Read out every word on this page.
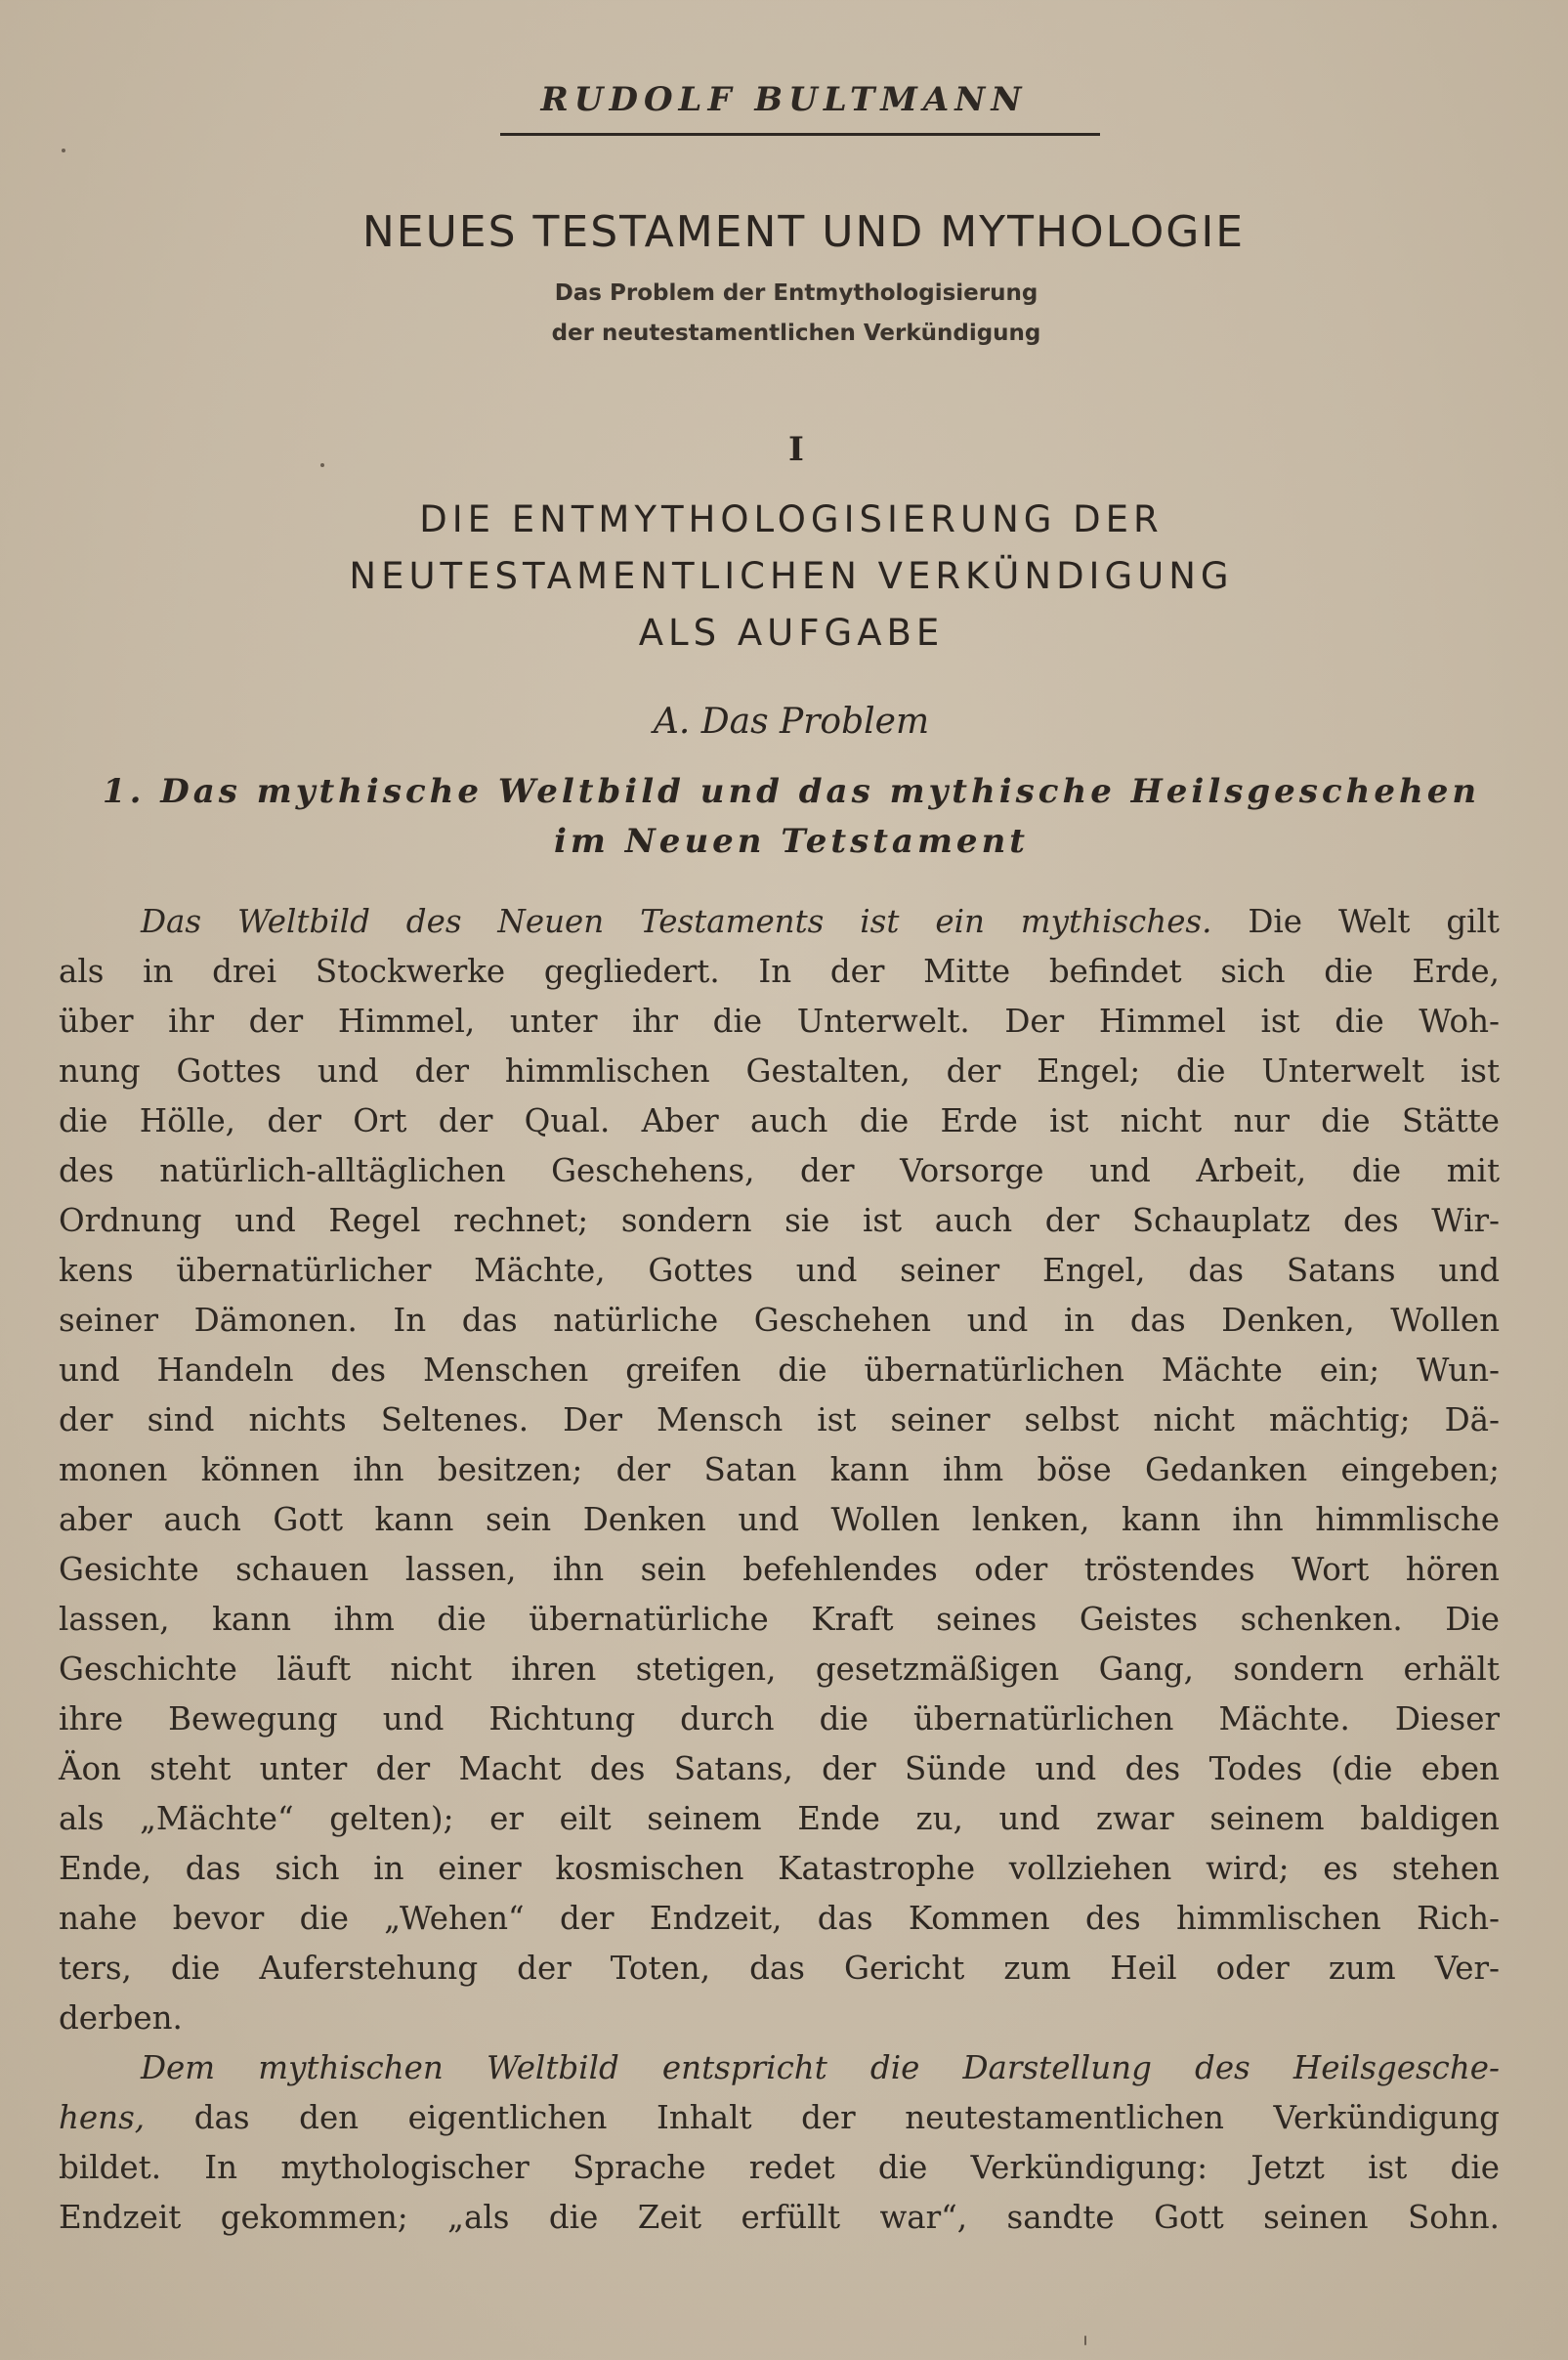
RUDOLF BULTMANN
NEUES TESTAMENT UND MYTHOLOGIE
Das Problem der Entmythologisierung
der neutestamentlichen Verkündigung
I
DIE ENTMYTHOLOGISIERUNG DER
NEUTESTAMENTLICHEN VERKÜNDIGUNG
ALS AUFGABE
A. Das Problem
1. Das mythische Weltbild und das mythische Heilsgeschehen
im Neuen Tetstament
Das Weltbild des Neuen Testaments ist ein mythisches. Die Welt gilt
als in drei Stockwerke gegliedert. In der Mitte befindet sich die Erde,
über ihr der Himmel, unter ihr die Unterwelt. Der Himmel ist die Woh-
nung Gottes und der himmlischen Gestalten, der Engel; die Unterwelt ist
die Hölle, der Ort der Qual. Aber auch die Erde ist nicht nur die Stätte
des natürlich-alltäglichen Geschehens, der Vorsorge und Arbeit, die mit
Ordnung und Regel rechnet; sondern sie ist auch der Schauplatz des Wir-
kens übernatürlicher Mächte, Gottes und seiner Engel, das Satans und
seiner Dämonen. In das natürliche Geschehen und in das Denken, Wollen
und Handeln des Menschen greifen die übernatürlichen Mächte ein; Wun-
der sind nichts Seltenes. Der Mensch ist seiner selbst nicht mächtig; Dä-
monen können ihn besitzen; der Satan kann ihm böse Gedanken eingeben;
aber auch Gott kann sein Denken und Wollen lenken, kann ihn himmlische
Gesichte schauen lassen, ihn sein befehlendes oder tröstendes Wort hören
lassen, kann ihm die übernatürliche Kraft seines Geistes schenken. Die
Geschichte läuft nicht ihren stetigen, gesetzmäßigen Gang, sondern erhält
ihre Bewegung und Richtung durch die übernatürlichen Mächte. Dieser
Äon steht unter der Macht des Satans, der Sünde und des Todes (die eben
als „Mächte“ gelten); er eilt seinem Ende zu, und zwar seinem baldigen
Ende, das sich in einer kosmischen Katastrophe vollziehen wird; es stehen
nahe bevor die „Wehen“ der Endzeit, das Kommen des himmlischen Rich-
ters, die Auferstehung der Toten, das Gericht zum Heil oder zum Ver-
derben.
Dem mythischen Weltbild entspricht die Darstellung des Heilsgesche-
hens, das den eigentlichen Inhalt der neutestamentlichen Verkündigung
bildet. In mythologischer Sprache redet die Verkündigung: Jetzt ist die
Endzeit gekommen; „als die Zeit erfüllt war“, sandte Gott seinen Sohn.
